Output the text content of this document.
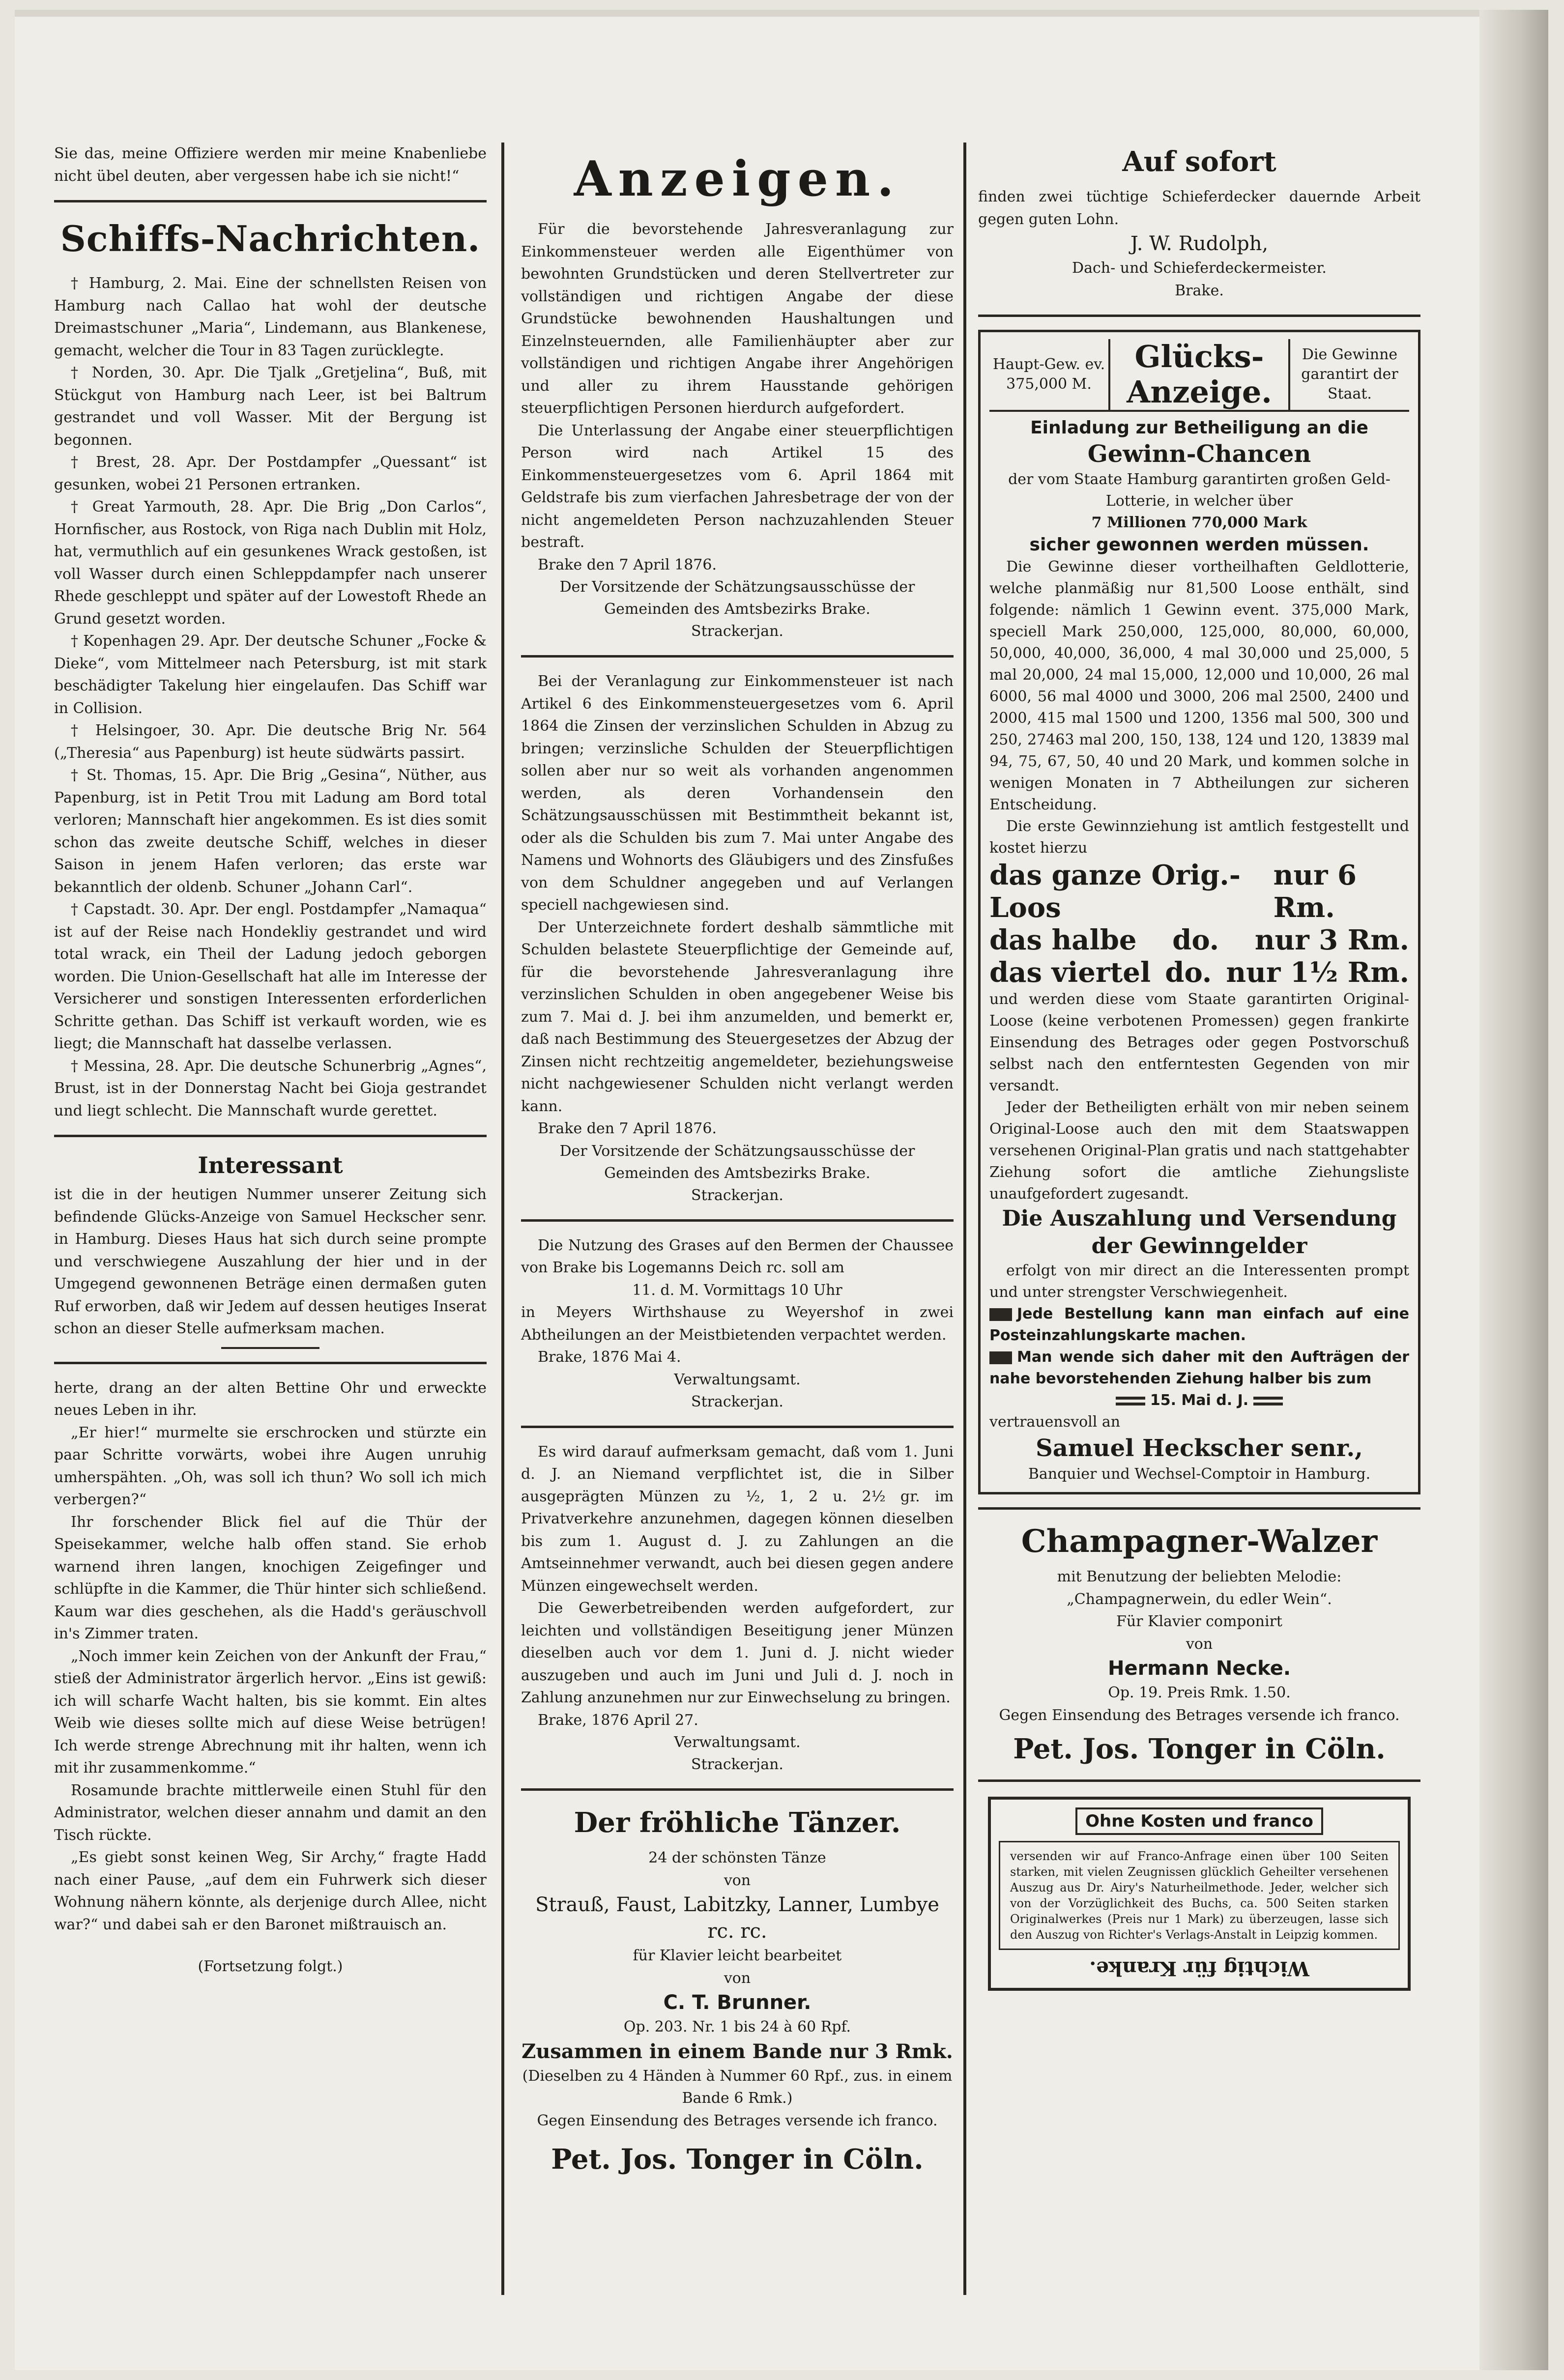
Sie das, meine Offiziere werden mir meine Knabenliebe nicht übel deuten, aber vergessen habe ich sie nicht!“

Schiffs-Nachrichten.

† Hamburg, 2. Mai. Eine der schnellsten Reisen von Hamburg nach Callao hat wohl der deutsche Dreimastschuner „Maria“, Lindemann, aus Blankenese, gemacht, welcher die Tour in 83 Tagen zurücklegte.

† Norden, 30. Apr. Die Tjalk „Gretjelina“, Buß, mit Stückgut von Hamburg nach Leer, ist bei Baltrum gestrandet und voll Wasser. Mit der Bergung ist begonnen.

† Brest, 28. Apr. Der Postdampfer „Quessant“ ist gesunken, wobei 21 Personen ertranken.

† Great Yarmouth, 28. Apr. Die Brig „Don Carlos“, Hornfischer, aus Rostock, von Riga nach Dublin mit Holz, hat, vermuthlich auf ein gesunkenes Wrack gestoßen, ist voll Wasser durch einen Schleppdampfer nach unserer Rhede geschleppt und später auf der Lowestoft Rhede an Grund gesetzt worden.

† Kopenhagen 29. Apr. Der deutsche Schuner „Focke & Dieke“, vom Mittelmeer nach Petersburg, ist mit stark beschädigter Takelung hier eingelaufen. Das Schiff war in Collision.

† Helsingoer, 30. Apr. Die deutsche Brig Nr. 564 („Theresia“ aus Papenburg) ist heute südwärts passirt.

† St. Thomas, 15. Apr. Die Brig „Gesina“, Nüther, aus Papenburg, ist in Petit Trou mit Ladung am Bord total verloren; Mannschaft hier angekommen. Es ist dies somit schon das zweite deutsche Schiff, welches in dieser Saison in jenem Hafen verloren; das erste war bekanntlich der oldenb. Schuner „Johann Carl“.

† Capstadt. 30. Apr. Der engl. Postdampfer „Namaqua“ ist auf der Reise nach Hondekliy gestrandet und wird total wrack, ein Theil der Ladung jedoch geborgen worden. Die Union-Gesellschaft hat alle im Interesse der Versicherer und sonstigen Interessenten erforderlichen Schritte gethan. Das Schiff ist verkauft worden, wie es liegt; die Mannschaft hat dasselbe verlassen.

† Messina, 28. Apr. Die deutsche Schunerbrig „Agnes“, Brust, ist in der Donnerstag Nacht bei Gioja gestrandet und liegt schlecht. Die Mannschaft wurde gerettet.

Interessant

ist die in der heutigen Nummer unserer Zeitung sich befindende Glücks-Anzeige von Samuel Heckscher senr. in Hamburg. Dieses Haus hat sich durch seine prompte und verschwiegene Auszahlung der hier und in der Umgegend gewonnenen Beträge einen dermaßen guten Ruf erworben, daß wir Jedem auf dessen heutiges Inserat schon an dieser Stelle aufmerksam machen.

herte, drang an der alten Bettine Ohr und erweckte neues Leben in ihr.

„Er hier!“ murmelte sie erschrocken und stürzte ein paar Schritte vorwärts, wobei ihre Augen unruhig umherspähten. „Oh, was soll ich thun? Wo soll ich mich verbergen?“

Ihr forschender Blick fiel auf die Thür der Speisekammer, welche halb offen stand. Sie erhob warnend ihren langen, knochigen Zeigefinger und schlüpfte in die Kammer, die Thür hinter sich schließend. Kaum war dies geschehen, als die Hadd's geräuschvoll in's Zimmer traten.

„Noch immer kein Zeichen von der Ankunft der Frau,“ stieß der Administrator ärgerlich hervor. „Eins ist gewiß: ich will scharfe Wacht halten, bis sie kommt. Ein altes Weib wie dieses sollte mich auf diese Weise betrügen! Ich werde strenge Abrechnung mit ihr halten, wenn ich mit ihr zusammenkomme.“

Rosamunde brachte mittlerweile einen Stuhl für den Administrator, welchen dieser annahm und damit an den Tisch rückte.

„Es giebt sonst keinen Weg, Sir Archy,“ fragte Hadd nach einer Pause, „auf dem ein Fuhrwerk sich dieser Wohnung nähern könnte, als derjenige durch Allee, nicht war?“ und dabei sah er den Baronet mißtrauisch an.

(Fortsetzung folgt.)

Anzeigen.

Für die bevorstehende Jahresveranlagung zur Einkommensteuer werden alle Eigenthümer von bewohnten Grundstücken und deren Stellvertreter zur vollständigen und richtigen Angabe der diese Grundstücke bewohnenden Haushaltungen und Einzelnsteuernden, alle Familienhäupter aber zur vollständigen und richtigen Angabe ihrer Angehörigen und aller zu ihrem Hausstande gehörigen steuerpflichtigen Personen hierdurch aufgefordert.

Die Unterlassung der Angabe einer steuerpflichtigen Person wird nach Artikel 15 des Einkommensteuergesetzes vom 6. April 1864 mit Geldstrafe bis zum vierfachen Jahresbetrage der von der nicht angemeldeten Person nachzuzahlenden Steuer bestraft.

Brake den 7 April 1876.

Der Vorsitzende der Schätzungsausschüsse der Gemeinden des Amtsbezirks Brake.

Strackerjan.

Bei der Veranlagung zur Einkommensteuer ist nach Artikel 6 des Einkommensteuergesetzes vom 6. April 1864 die Zinsen der verzinslichen Schulden in Abzug zu bringen; verzinsliche Schulden der Steuerpflichtigen sollen aber nur so weit als vorhanden angenommen werden, als deren Vorhandensein den Schätzungsausschüssen mit Bestimmtheit bekannt ist, oder als die Schulden bis zum 7. Mai unter Angabe des Namens und Wohnorts des Gläubigers und des Zinsfußes von dem Schuldner angegeben und auf Verlangen speciell nachgewiesen sind.

Der Unterzeichnete fordert deshalb sämmtliche mit Schulden belastete Steuerpflichtige der Gemeinde auf, für die bevorstehende Jahresveranlagung ihre verzinslichen Schulden in oben angegebener Weise bis zum 7. Mai d. J. bei ihm anzumelden, und bemerkt er, daß nach Bestimmung des Steuergesetzes der Abzug der Zinsen nicht rechtzeitig angemeldeter, beziehungsweise nicht nachgewiesener Schulden nicht verlangt werden kann.

Brake den 7 April 1876.

Der Vorsitzende der Schätzungsausschüsse der Gemeinden des Amtsbezirks Brake.

Strackerjan.

Die Nutzung des Grases auf den Bermen der Chaussee von Brake bis Logemanns Deich rc. soll am

11. d. M. Vormittags 10 Uhr

in Meyers Wirthshause zu Weyershof in zwei Abtheilungen an der Meistbietenden verpachtet werden.

Brake, 1876 Mai 4.

Verwaltungsamt.

Strackerjan.

Es wird darauf aufmerksam gemacht, daß vom 1. Juni d. J. an Niemand verpflichtet ist, die in Silber ausgeprägten Münzen zu ½, 1, 2 u. 2½ gr. im Privatverkehre anzunehmen, dagegen können dieselben bis zum 1. August d. J. zu Zahlungen an die Amtseinnehmer verwandt, auch bei diesen gegen andere Münzen eingewechselt werden.

Die Gewerbetreibenden werden aufgefordert, zur leichten und vollständigen Beseitigung jener Münzen dieselben auch vor dem 1. Juni d. J. nicht wieder auszugeben und auch im Juni und Juli d. J. noch in Zahlung anzunehmen nur zur Einwechselung zu bringen.

Brake, 1876 April 27.

Verwaltungsamt.

Strackerjan.

Der fröhliche Tänzer.

24 der schönsten Tänze

von

Strauß, Faust, Labitzky, Lanner, Lumbye rc. rc.

für Klavier leicht bearbeitet

von

C. T. Brunner.

Op. 203. Nr. 1 bis 24 à 60 Rpf.

Zusammen in einem Bande nur 3 Rmk.

(Dieselben zu 4 Händen à Nummer 60 Rpf., zus. in einem Bande 6 Rmk.)

Gegen Einsendung des Betrages versende ich franco.

Pet. Jos. Tonger in Cöln.

Auf sofort

finden zwei tüchtige Schieferdecker dauernde Arbeit gegen guten Lohn.

J. W. Rudolph,

Dach- und Schieferdeckermeister.

Brake.

Haupt-Gew. ev. 375,000 M.
Glücks-Anzeige.
Die Gewinne garantirt der Staat.

Einladung zur Betheiligung an die

Gewinn-Chancen

der vom Staate Hamburg garantirten großen Geld-Lotterie, in welcher über

7 Millionen 770,000 Mark

sicher gewonnen werden müssen.

Die Gewinne dieser vortheilhaften Geldlotterie, welche planmäßig nur 81,500 Loose enthält, sind folgende: nämlich 1 Gewinn event. 375,000 Mark, speciell Mark 250,000, 125,000, 80,000, 60,000, 50,000, 40,000, 36,000, 4 mal 30,000 und 25,000, 5 mal 20,000, 24 mal 15,000, 12,000 und 10,000, 26 mal 6000, 56 mal 4000 und 3000, 206 mal 2500, 2400 und 2000, 415 mal 1500 und 1200, 1356 mal 500, 300 und 250, 27463 mal 200, 150, 138, 124 und 120, 13839 mal 94, 75, 67, 50, 40 und 20 Mark, und kommen solche in wenigen Monaten in 7 Abtheilungen zur sicheren Entscheidung.

Die erste Gewinnziehung ist amtlich festgestellt und kostet hierzu

das ganze Orig.-Loos
nur 6 Rm.
das halbe do. nur 3 Rm.
das viertel do. nur 1½ Rm.

und werden diese vom Staate garantirten Original-Loose (keine verbotenen Promessen) gegen frankirte Einsendung des Betrages oder gegen Postvorschuß selbst nach den entferntesten Gegenden von mir versandt.

Jeder der Betheiligten erhält von mir neben seinem Original-Loose auch den mit dem Staatswappen versehenen Original-Plan gratis und nach stattgehabter Ziehung sofort die amtliche Ziehungsliste unaufgefordert zugesandt.

Die Auszahlung und Versendung der Gewinngelder

erfolgt von mir direct an die Interessenten prompt und unter strengster Verschwiegenheit.

Jede Bestellung kann man einfach auf eine Posteinzahlungskarte machen.

Man wende sich daher mit den Aufträgen der nahe bevorstehenden Ziehung halber bis zum

15. Mai d. J.

vertrauensvoll an

Samuel Heckscher senr.,

Banquier und Wechsel-Comptoir in Hamburg.

Champagner-Walzer

mit Benutzung der beliebten Melodie:

„Champagnerwein, du edler Wein“.

Für Klavier componirt

von

Hermann Necke.

Op. 19. Preis Rmk. 1.50.

Gegen Einsendung des Betrages versende ich franco.

Pet. Jos. Tonger in Cöln.

Ohne Kosten und franco

versenden wir auf Franco-Anfrage einen über 100 Seiten starken, mit vielen Zeugnissen glücklich Geheilter versehenen Auszug aus Dr. Airy's Naturheilmethode. Jeder, welcher sich von der Vorzüglichkeit des Buchs, ca. 500 Seiten starken Originalwerkes (Preis nur 1 Mark) zu überzeugen, lasse sich den Auszug von Richter's Verlags-Anstalt in Leipzig kommen.

Wichtig für Kranke.
